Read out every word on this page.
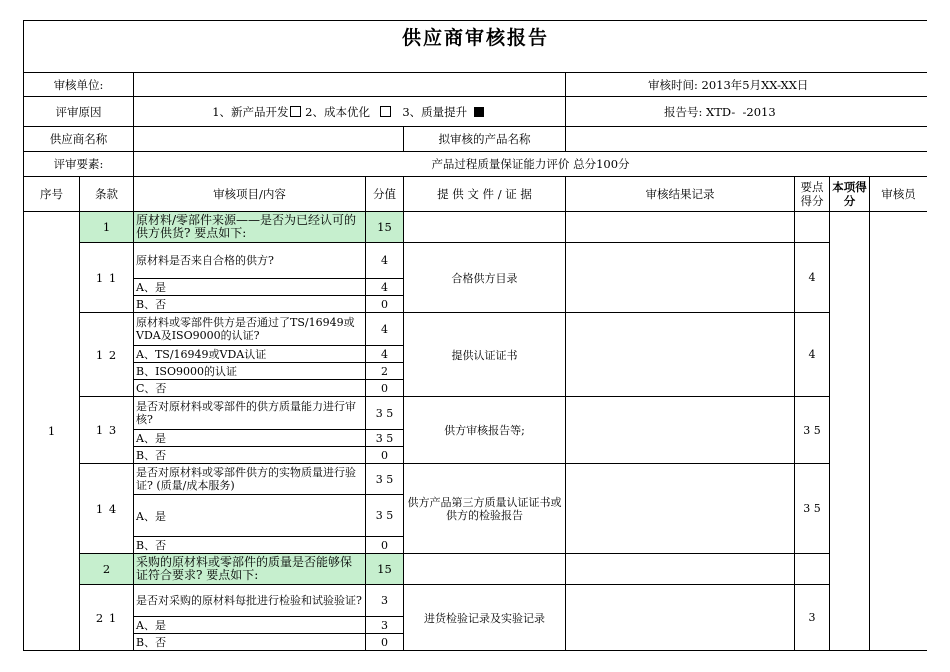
供应商审核报告									
审核单位:					审核时间: 2013年5月XX-XX日				
评审原因		1、新产品开发 2、成本优化 3、质量提升			报告号: XTD-  -2013				
供应商名称				拟审核的产品名称					
评审要素:		产品过程质量保证能力评价 总分100分							
序号	条款	审核项目/内容	分值	提 供 文 件 / 证 据	审核结果记录	要点得分	本项得分	审核员	
1	1	原材料/零部件来源——是否为已经认可的供方供货? 要点如下:	15						
	1 1	原材料是否来自合格的供方?	4	合格供方目录		4			
		A、是	4						
		B、否	0						
	1 2	原材料或零部件供方是否通过了TS/16949或VDA及ISO9000的认证?	4	提供认证证书		4			
		A、TS/16949或VDA认证	4						
		B、ISO9000的认证	2						
		C、否	0						
	1 3	是否对原材料或零部件的供方质量能力进行审核?	3 5	供方审核报告等;		3 5			
		A、是	3 5						
		B、否	0						
	1 4	是否对原材料或零部件供方的实物质量进行验证? (质量/成本服务)	3 5	供方产品第三方质量认证证书或供方的检验报告		3 5			
		A、是	3 5						
		B、否	0						
	2	采购的原材料或零部件的质量是否能够保证符合要求? 要点如下:	15						
	2 1	是否对采购的原材料每批进行检验和试验验证?	3	进货检验记录及实验记录		3			
		A、是	3						
		B、否	0						
